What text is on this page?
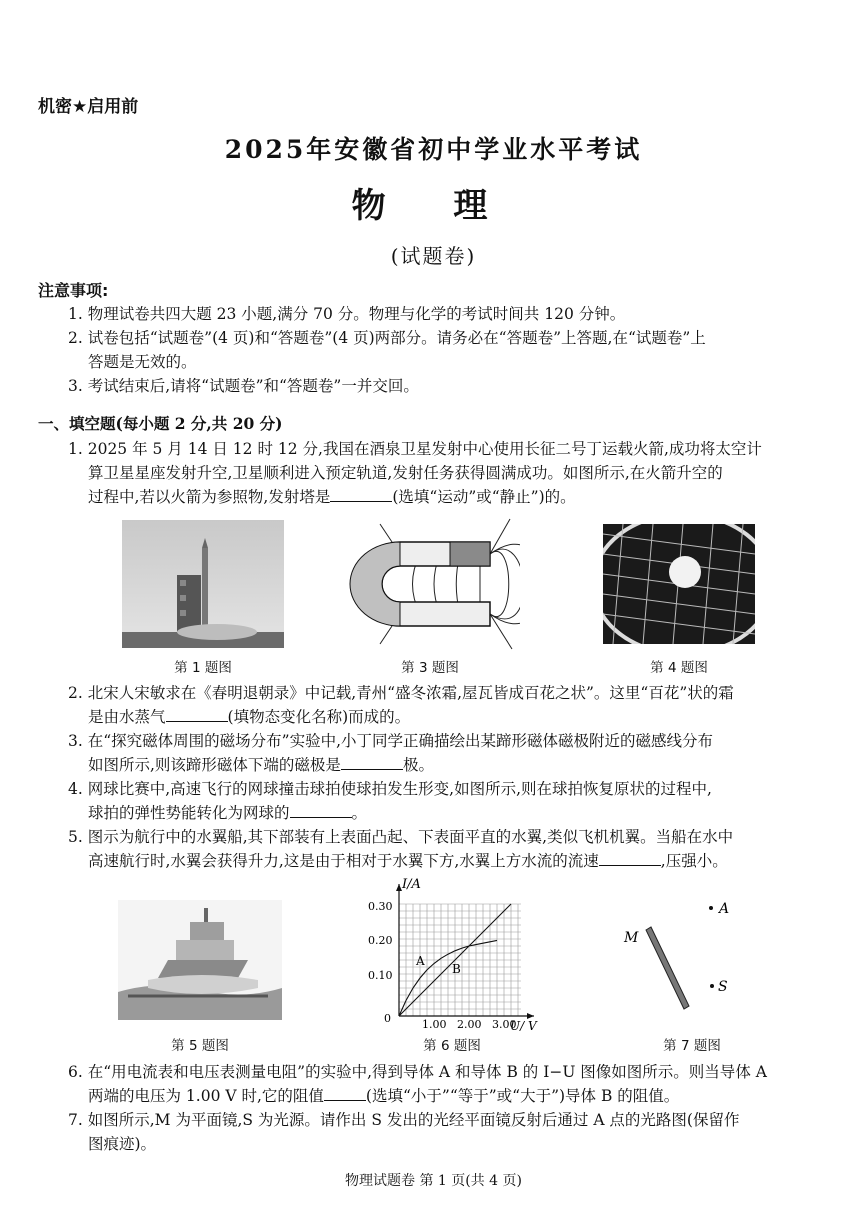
机密★启用前
2025年安徽省初中学业水平考试
物 理
(试题卷)
注意事项:
1. 物理试卷共四大题 23 小题,满分 70 分。物理与化学的考试时间共 120 分钟。
2. 试卷包括“试题卷”(4 页)和“答题卷”(4 页)两部分。请务必在“答题卷”上答题,在“试题卷”上
答题是无效的。
3. 考试结束后,请将“试题卷”和“答题卷”一并交回。
一、填空题(每小题 2 分,共 20 分)
1. 2025 年 5 月 14 日 12 时 12 分,我国在酒泉卫星发射中心使用长征二号丁运载火箭,成功将太空计
算卫星星座发射升空,卫星顺利进入预定轨道,发射任务获得圆满成功。如图所示,在火箭升空的
过程中,若以火箭为参照物,发射塔是	(选填“运动”或“静止”)的。
第 1 题图	第 3 题图	第 4 题图
2. 北宋人宋敏求在《春明退朝录》中记载,青州“盛冬浓霜,屋瓦皆成百花之状”。这里“百花”状的霜
是由水蒸气	(填物态变化名称)而成的。
3. 在“探究磁体周围的磁场分布”实验中,小丁同学正确描绘出某蹄形磁体磁极附近的磁感线分布
如图所示,则该蹄形磁体下端的磁极是	极。
4. 网球比赛中,高速飞行的网球撞击球拍使球拍发生形变,如图所示,则在球拍恢复原状的过程中,
球拍的弹性势能转化为网球的	。
5. 图示为航行中的水翼船,其下部装有上表面凸起、下表面平直的水翼,类似飞机机翼。当船在水中
高速航行时,水翼会获得升力,这是由于相对于水翼下方,水翼上方水流的流速	,压强小。
第 5 题图
I/A
U/ V
0
0.30
0.20
0.10
1.00 2.00 3.00
A
B
第 6 题图
A
S
M
第 7 题图
6. 在“用电流表和电压表测量电阻”的实验中,得到导体 A 和导体 B 的 I−U 图像如图所示。则当导体 A
两端的电压为 1.00 V 时,它的阻值	(选填“小于”“等于”或“大于”)导体 B 的阻值。
7. 如图所示,M 为平面镜,S 为光源。请作出 S 发出的光经平面镜反射后通过 A 点的光路图(保留作
图痕迹)。
物理试题卷 第 1 页(共 4 页)
